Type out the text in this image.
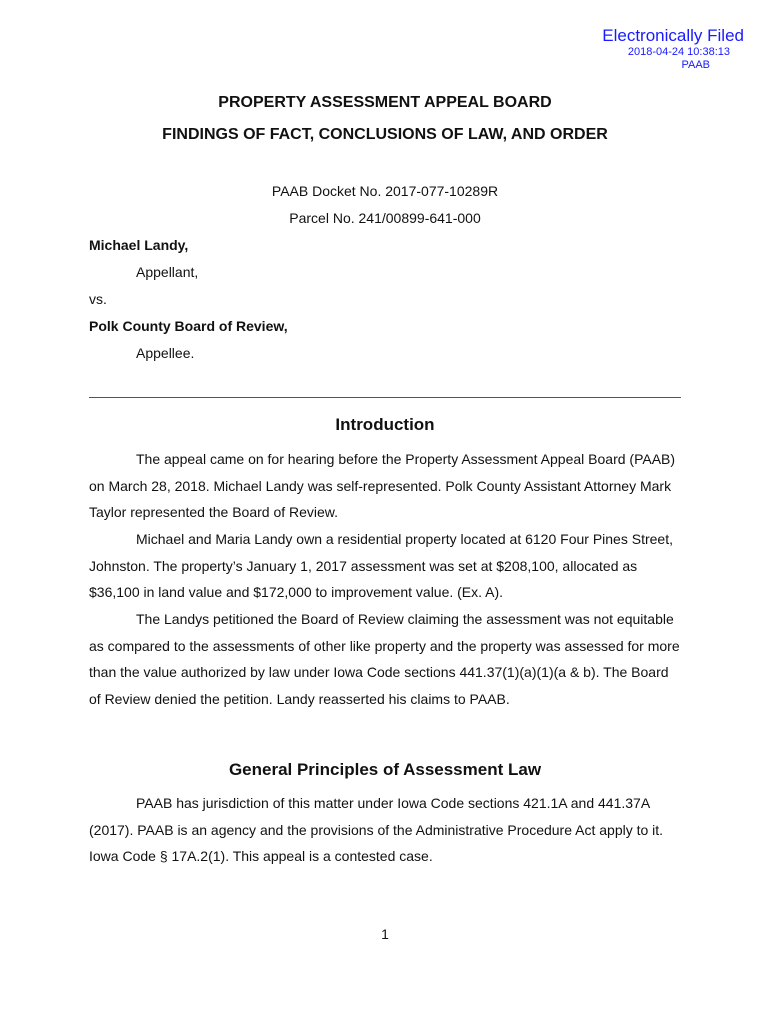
Electronically Filed
2018-04-24 10:38:13
PAAB
PROPERTY ASSESSMENT APPEAL BOARD
FINDINGS OF FACT, CONCLUSIONS OF LAW, AND ORDER
PAAB Docket No. 2017-077-10289R
Parcel No. 241/00899-641-000
Michael Landy,
Appellant,
vs.
Polk County Board of Review,
Appellee.
Introduction

The appeal came on for hearing before the Property Assessment Appeal Board (PAAB) on March 28, 2018. Michael Landy was self-represented. Polk County Assistant Attorney Mark Taylor represented the Board of Review.

Michael and Maria Landy own a residential property located at 6120 Four Pines Street, Johnston. The property’s January 1, 2017 assessment was set at $208,100, allocated as $36,100 in land value and $172,000 to improvement value. (Ex. A).

The Landys petitioned the Board of Review claiming the assessment was not equitable as compared to the assessments of other like property and the property was assessed for more than the value authorized by law under Iowa Code sections 441.37(1)(a)(1)(a & b). The Board of Review denied the petition. Landy reasserted his claims to PAAB.

General Principles of Assessment Law

PAAB has jurisdiction of this matter under Iowa Code sections 421.1A and 441.37A (2017). PAAB is an agency and the provisions of the Administrative Procedure Act apply to it. Iowa Code § 17A.2(1). This appeal is a contested case.

1
